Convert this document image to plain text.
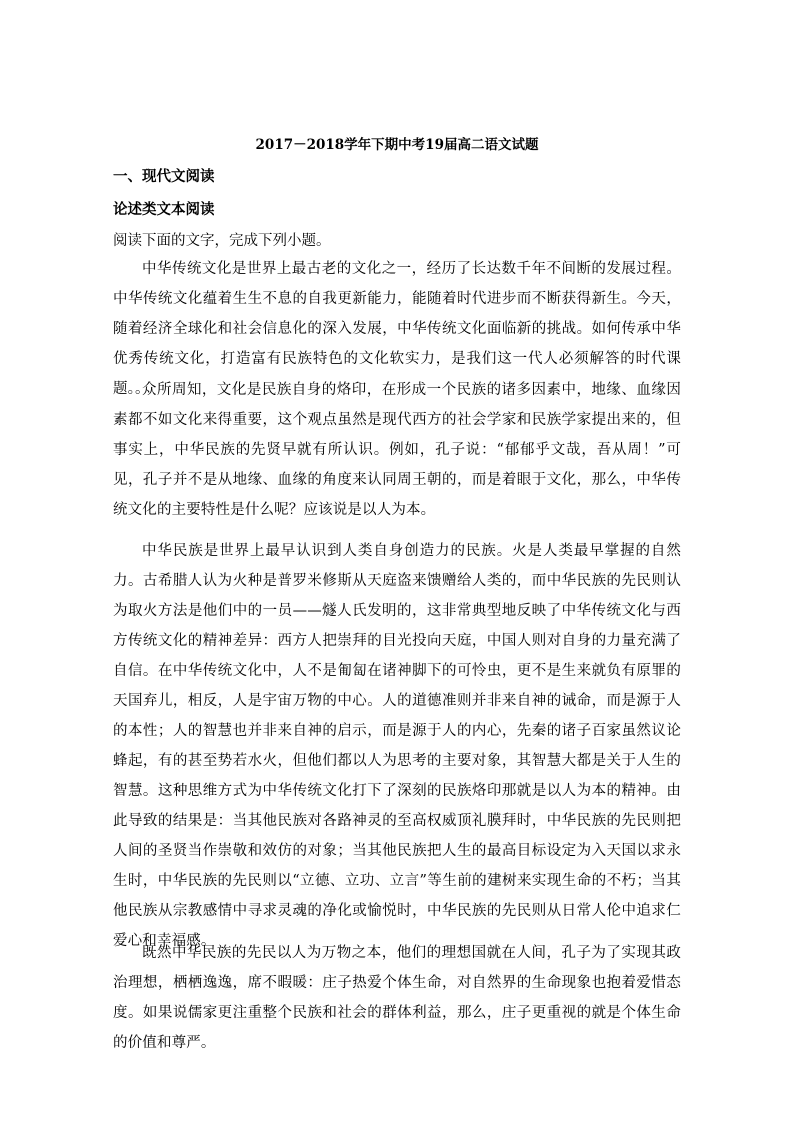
2017－2018学年下期中考19届高二语文试题
一、现代文阅读
论述类文本阅读
阅读下面的文字，完成下列小题。
中华传统文化是世界上最古老的文化之一，经历了长达数千年不间断的发展过程。中华传统文化蕴着生生不息的自我更新能力，能随着时代进步而不断获得新生。今天，随着经济全球化和社会信息化的深入发展，中华传统文化面临新的挑战。如何传承中华优秀传统文化，打造富有民族特色的文化软实力，是我们这一代人必须解答的时代课题。。
众所周知，文化是民族自身的烙印，在形成一个民族的诸多因素中，地缘、血缘因素都不如文化来得重要，这个观点虽然是现代西方的社会学家和民族学家提出来的，但事实上，中华民族的先贤早就有所认识。例如，孔子说：“郁郁乎文哉，吾从周！”可见，孔子并不是从地缘、血缘的角度来认同周王朝的，而是着眼于文化，那么，中华传统文化的主要特性是什么呢？应该说是以人为本。
中华民族是世界上最早认识到人类自身创造力的民族。火是人类最早掌握的自然力。古希腊人认为火种是普罗米修斯从天庭盗来馈赠给人类的，而中华民族的先民则认为取火方法是他们中的一员——燧人氏发明的，这非常典型地反映了中华传统文化与西方传统文化的精神差异：西方人把崇拜的目光投向天庭，中国人则对自身的力量充满了自信。在中华传统文化中，人不是匍匐在诸神脚下的可怜虫，更不是生来就负有原罪的天国弃儿，相反，人是宇宙万物的中心。人的道德准则并非来自神的诫命，而是源于人的本性；人的智慧也并非来自神的启示，而是源于人的内心，先秦的诸子百家虽然议论蜂起，有的甚至势若水火，但他们都以人为思考的主要对象，其智慧大都是关于人生的智慧。这种思维方式为中华传统文化打下了深刻的民族烙印那就是以人为本的精神。由此导致的结果是：当其他民族对各路神灵的至高权威顶礼膜拜时，中华民族的先民则把人间的圣贤当作崇敬和效仿的对象；当其他民族把人生的最高目标设定为入天国以求永生时，中华民族的先民则以“立德、立功、立言”等生前的建树来实现生命的不朽；当其他民族从宗教感情中寻求灵魂的净化或愉悦时，中华民族的先民则从日常人伦中追求仁爱心和幸福感。
既然中华民族的先民以人为万物之本，他们的理想国就在人间，孔子为了实现其政治理想，栖栖逸逸，席不暇暖：庄子热爱个体生命，对自然界的生命现象也抱着爱惜态度。如果说儒家更注重整个民族和社会的群体利益，那么，庄子更重视的就是个体生命的价值和尊严。
